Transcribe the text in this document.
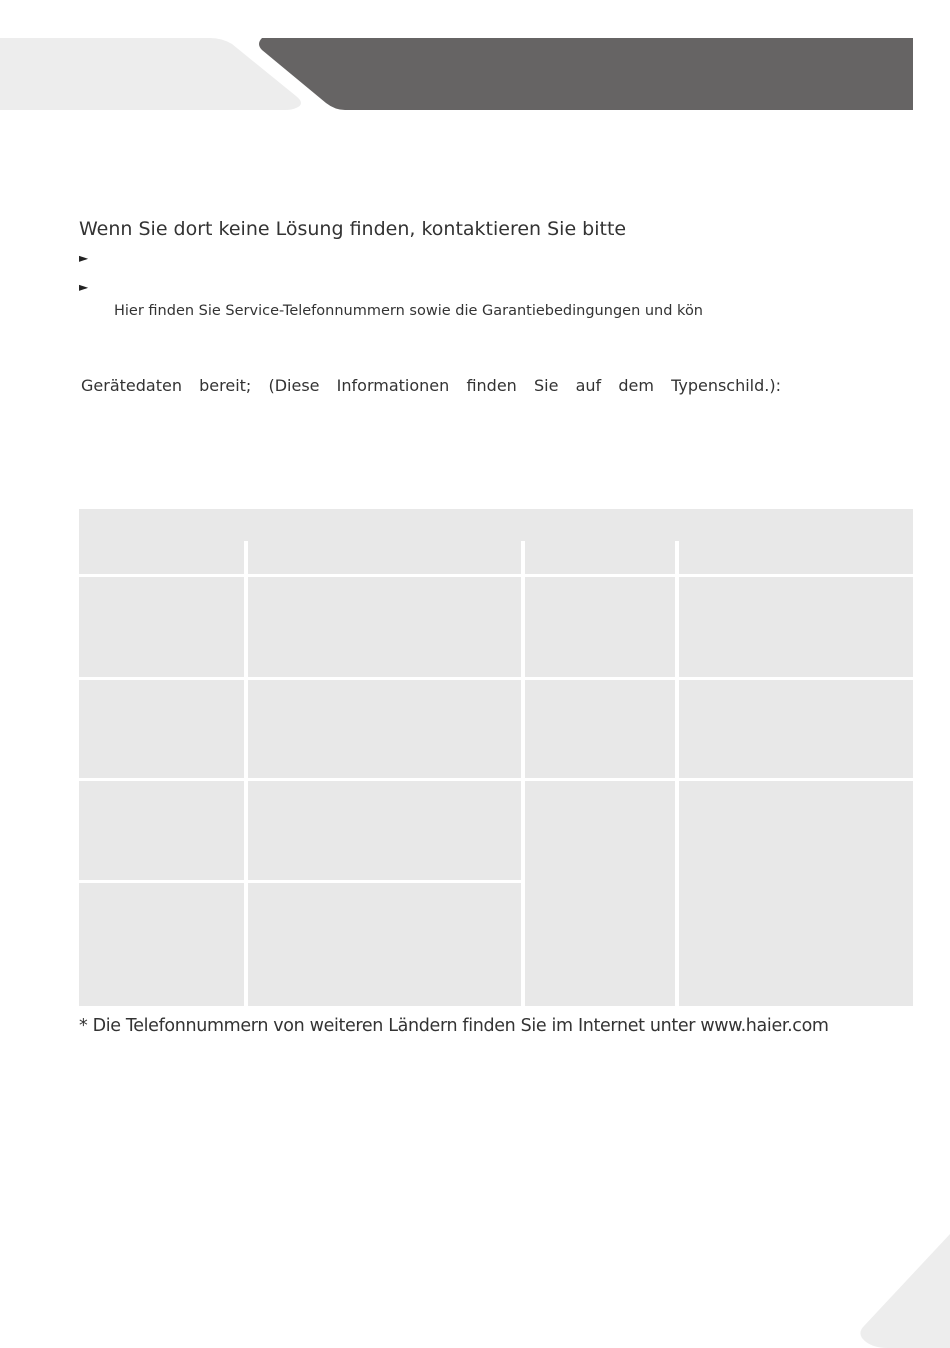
Wenn Sie dort keine Lösung finden, kontaktieren Sie bitte
►
►
Hier finden Sie Service-Telefonnummern sowie die Garantiebedingungen und kön
Gerätedaten bereit; (Diese Informationen finden Sie auf dem Typenschild.):
* Die Telefonnummern von weiteren Ländern finden Sie im Internet unter www.haier.com
